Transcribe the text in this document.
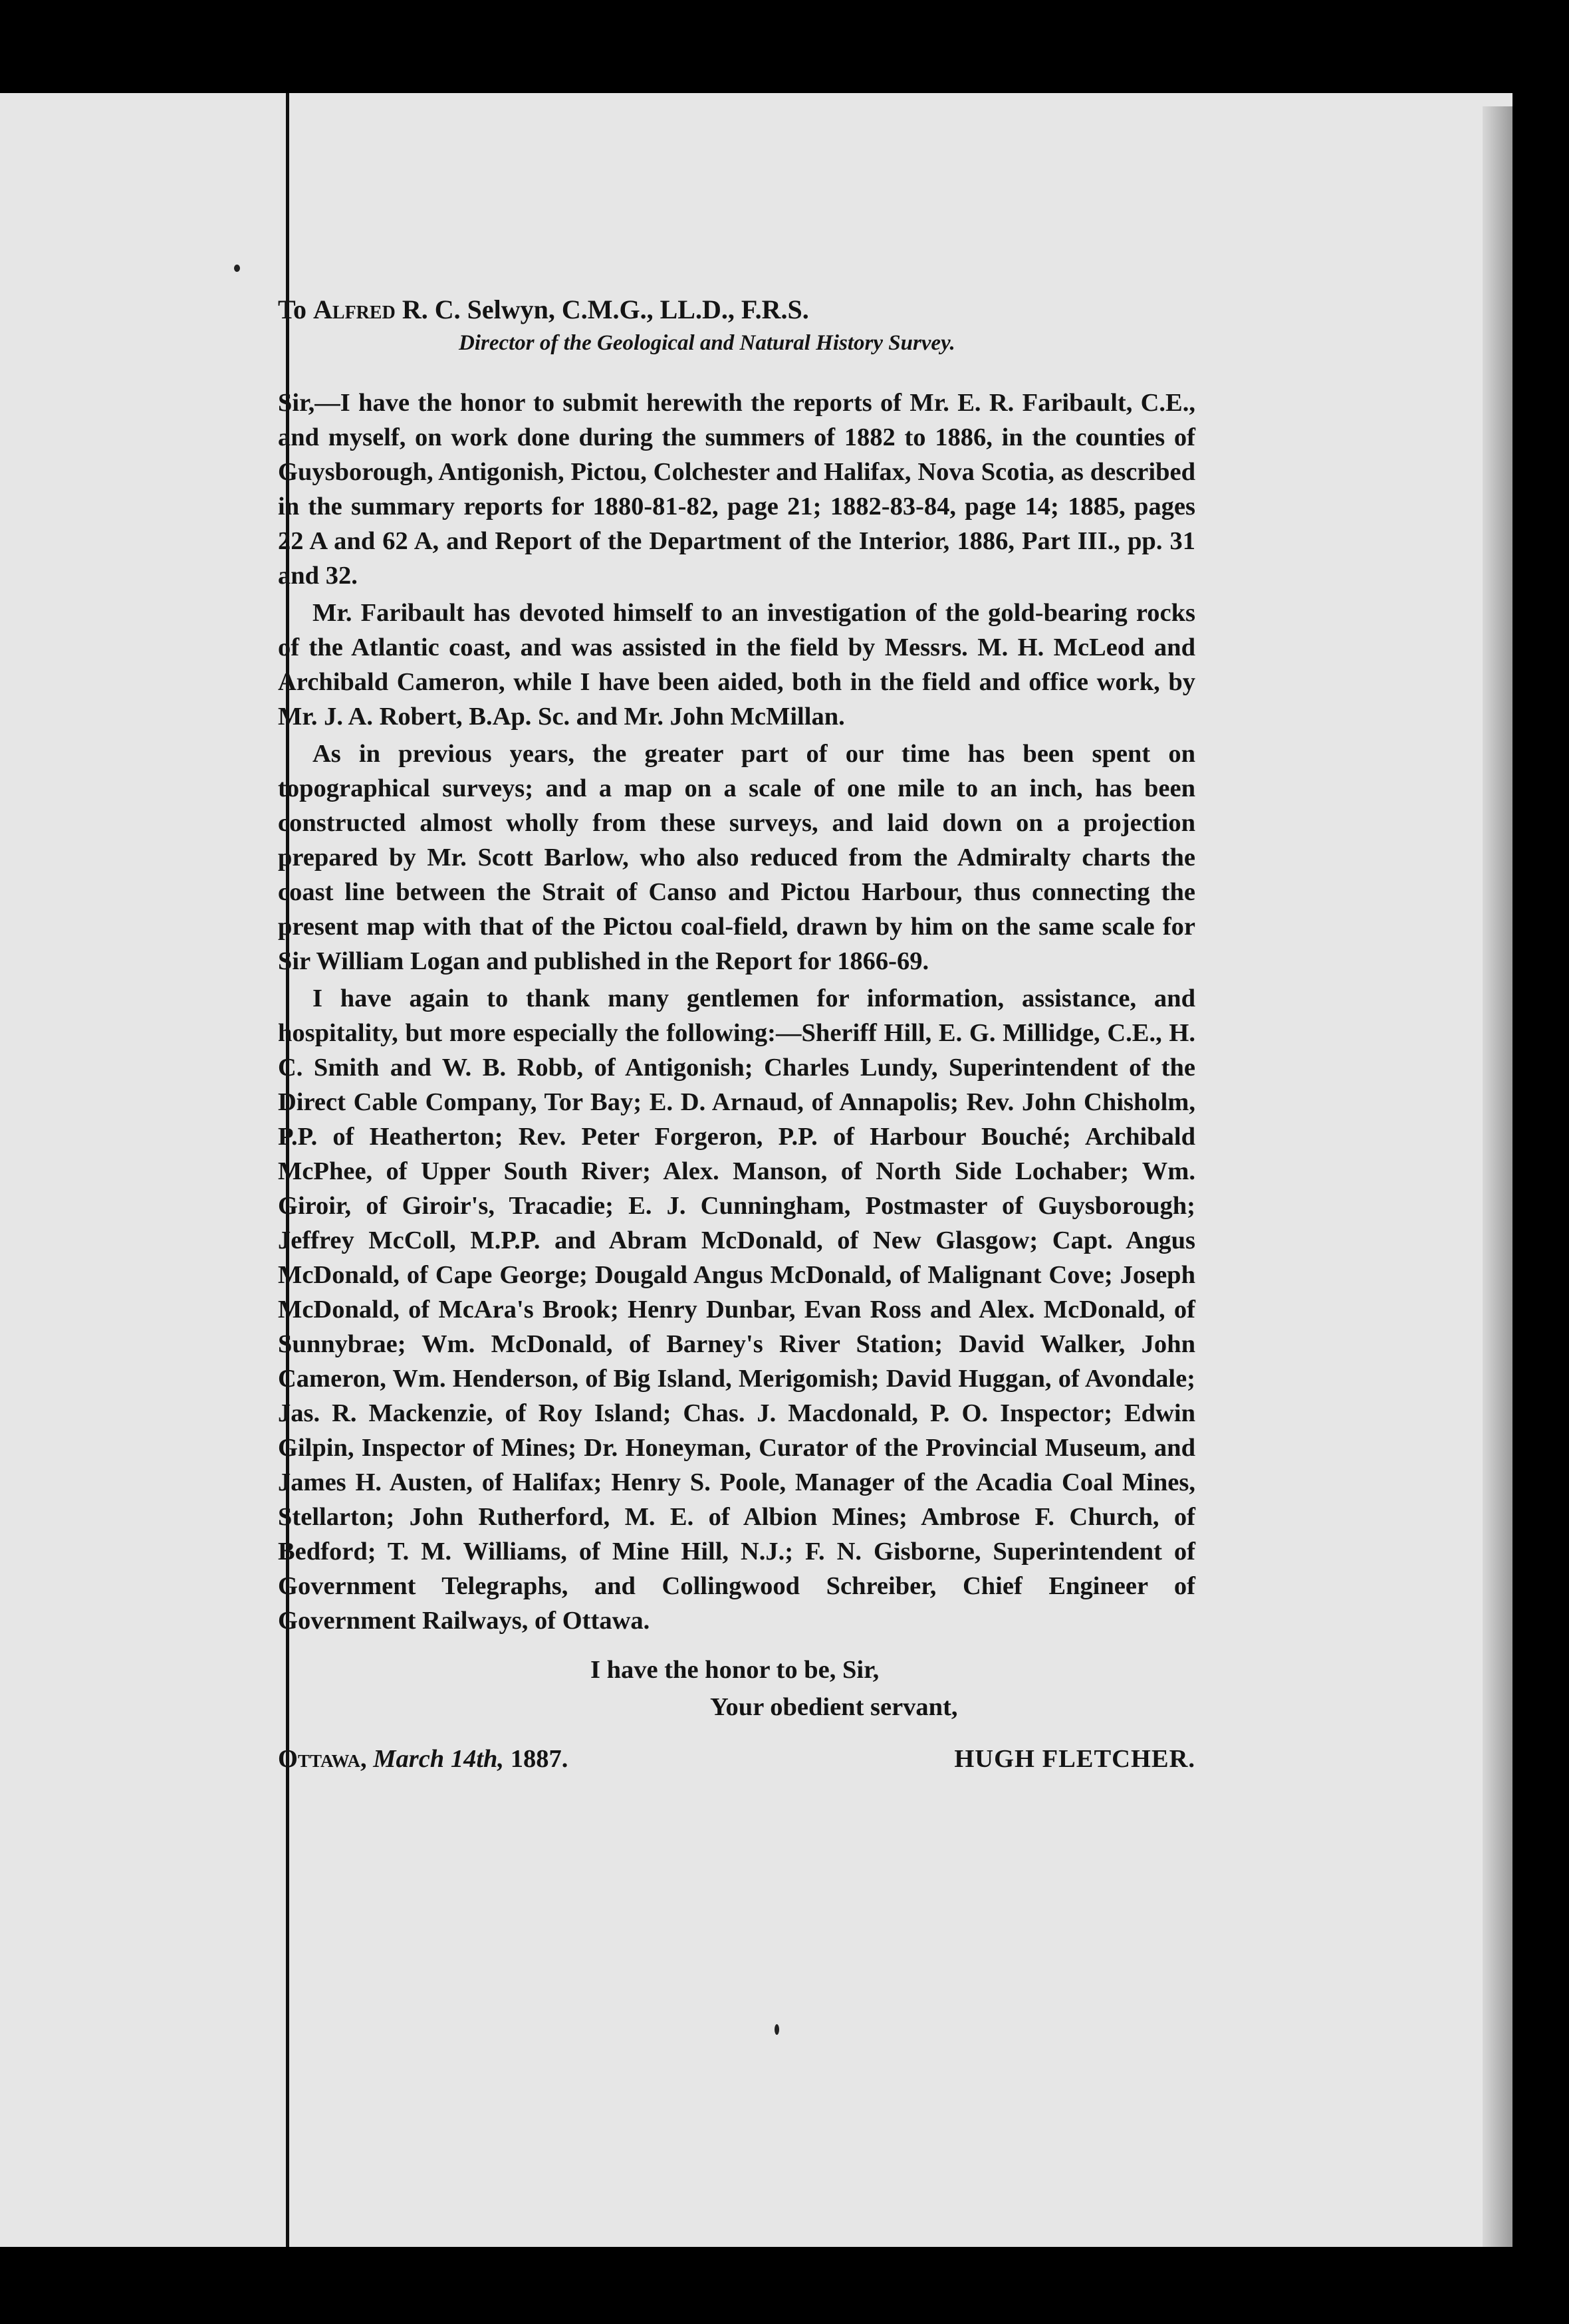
To Alfred R. C. Selwyn, C.M.G., LL.D., F.R.S.
Director of the Geological and Natural History Survey.

Sir,—I have the honor to submit herewith the reports of Mr. E. R. Faribault, C.E., and myself, on work done during the summers of 1882 to 1886, in the counties of Guysborough, Antigonish, Pictou, Colchester and Halifax, Nova Scotia, as described in the summary reports for 1880-81-82, page 21; 1882-83-84, page 14; 1885, pages 22 A and 62 A, and Report of the Department of the Interior, 1886, Part III., pp. 31 and 32.

Mr. Faribault has devoted himself to an investigation of the gold-bearing rocks of the Atlantic coast, and was assisted in the field by Messrs. M. H. McLeod and Archibald Cameron, while I have been aided, both in the field and office work, by Mr. J. A. Robert, B.Ap. Sc. and Mr. John McMillan.

As in previous years, the greater part of our time has been spent on topographical surveys; and a map on a scale of one mile to an inch, has been constructed almost wholly from these surveys, and laid down on a projection prepared by Mr. Scott Barlow, who also reduced from the Admiralty charts the coast line between the Strait of Canso and Pictou Harbour, thus connecting the present map with that of the Pictou coal-field, drawn by him on the same scale for Sir William Logan and published in the Report for 1866-69.

I have again to thank many gentlemen for information, assistance, and hospitality, but more especially the following:—Sheriff Hill, E. G. Millidge, C.E., H. C. Smith and W. B. Robb, of Antigonish; Charles Lundy, Superintendent of the Direct Cable Company, Tor Bay; E. D. Arnaud, of Annapolis; Rev. John Chisholm, P.P. of Heatherton; Rev. Peter Forgeron, P.P. of Harbour Bouché; Archibald McPhee, of Upper South River; Alex. Manson, of North Side Lochaber; Wm. Giroir, of Giroir's, Tracadie; E. J. Cunningham, Postmaster of Guysborough; Jeffrey McColl, M.P.P. and Abram McDonald, of New Glasgow; Capt. Angus McDonald, of Cape George; Dougald Angus McDonald, of Malignant Cove; Joseph McDonald, of McAra's Brook; Henry Dunbar, Evan Ross and Alex. McDonald, of Sunnybrae; Wm. McDonald, of Barney's River Station; David Walker, John Cameron, Wm. Henderson, of Big Island, Merigomish; David Huggan, of Avondale; Jas. R. Mackenzie, of Roy Island; Chas. J. Macdonald, P. O. Inspector; Edwin Gilpin, Inspector of Mines; Dr. Honeyman, Curator of the Provincial Museum, and James H. Austen, of Halifax; Henry S. Poole, Manager of the Acadia Coal Mines, Stellarton; John Rutherford, M. E. of Albion Mines; Ambrose F. Church, of Bedford; T. M. Williams, of Mine Hill, N.J.; F. N. Gisborne, Superintendent of Government Telegraphs, and Collingwood Schreiber, Chief Engineer of Government Railways, of Ottawa.

I have the honor to be, Sir,
Your obedient servant,
Ottawa, March 14th, 1887.	HUGH FLETCHER.
